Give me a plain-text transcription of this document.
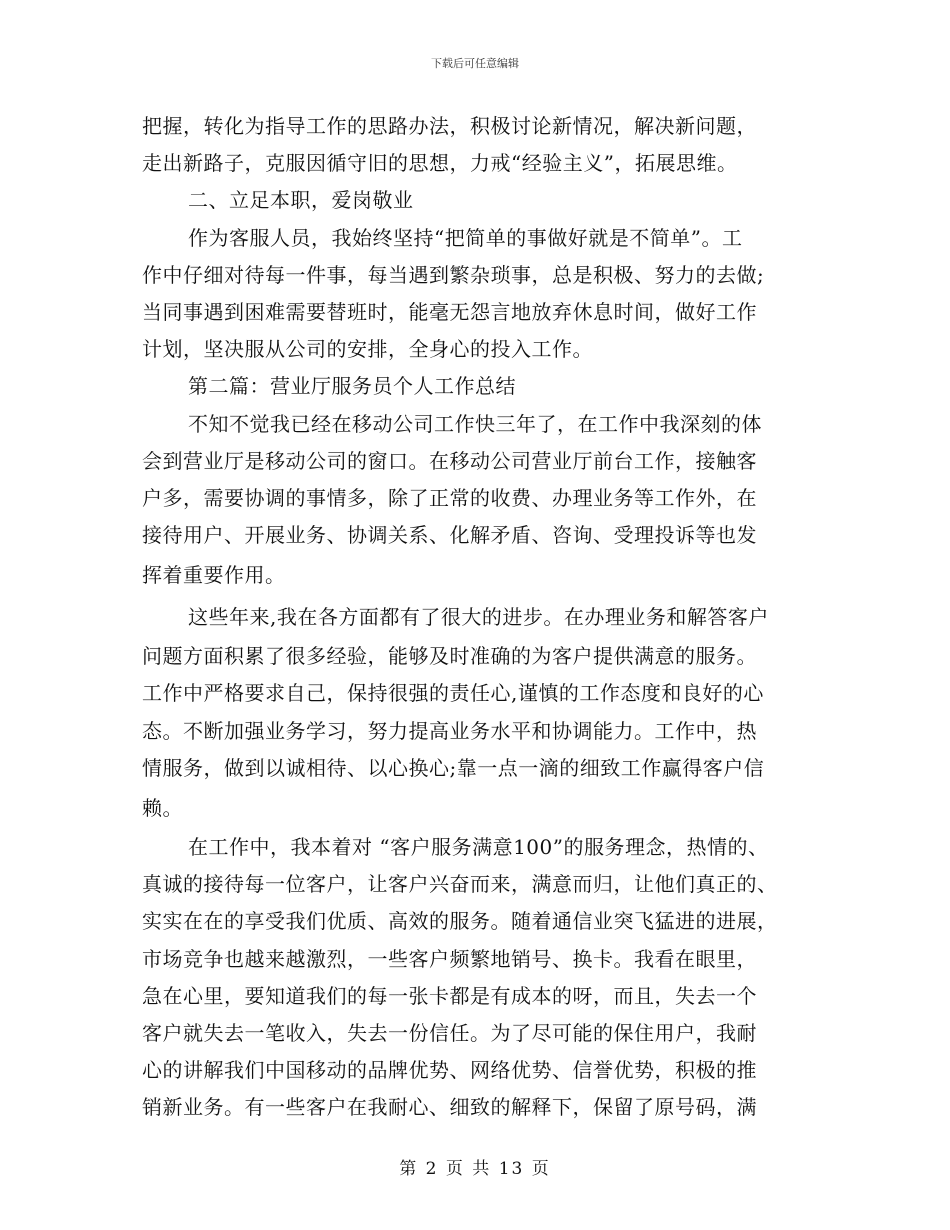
下载后可任意编辑
把握，转化为指导工作的思路办法，积极讨论新情况，解决新问题，
走出新路子，克服因循守旧的思想，力戒“经验主义”，拓展思维。
二、立足本职，爱岗敬业
作为客服人员，我始终坚持“把简单的事做好就是不简单”。工
作中仔细对待每一件事，每当遇到繁杂琐事，总是积极、努力的去做;
当同事遇到困难需要替班时，能毫无怨言地放弃休息时间，做好工作
计划，坚决服从公司的安排，全身心的投入工作。
第二篇：营业厅服务员个人工作总结
不知不觉我已经在移动公司工作快三年了，在工作中我深刻的体
会到营业厅是移动公司的窗口。在移动公司营业厅前台工作，接触客
户多，需要协调的事情多，除了正常的收费、办理业务等工作外，在
接待用户、开展业务、协调关系、化解矛盾、咨询、受理投诉等也发
挥着重要作用。
这些年来,我在各方面都有了很大的进步。在办理业务和解答客户
问题方面积累了很多经验，能够及时准确的为客户提供满意的服务。
工作中严格要求自己，保持很强的责任心,谨慎的工作态度和良好的心
态。不断加强业务学习，努力提高业务水平和协调能力。工作中，热
情服务，做到以诚相待、以心换心;靠一点一滴的细致工作赢得客户信
赖。
在工作中，我本着对 “客户服务满意100”的服务理念，热情的、
真诚的接待每一位客户，让客户兴奋而来，满意而归，让他们真正的、
实实在在的享受我们优质、高效的服务。随着通信业突飞猛进的进展，
市场竞争也越来越激烈，一些客户频繁地销号、换卡。我看在眼里，
急在心里，要知道我们的每一张卡都是有成本的呀，而且，失去一个
客户就失去一笔收入，失去一份信任。为了尽可能的保住用户，我耐
心的讲解我们中国移动的品牌优势、网络优势、信誉优势，积极的推
销新业务。有一些客户在我耐心、细致的解释下，保留了原号码，满
第 2 页 共 13 页
